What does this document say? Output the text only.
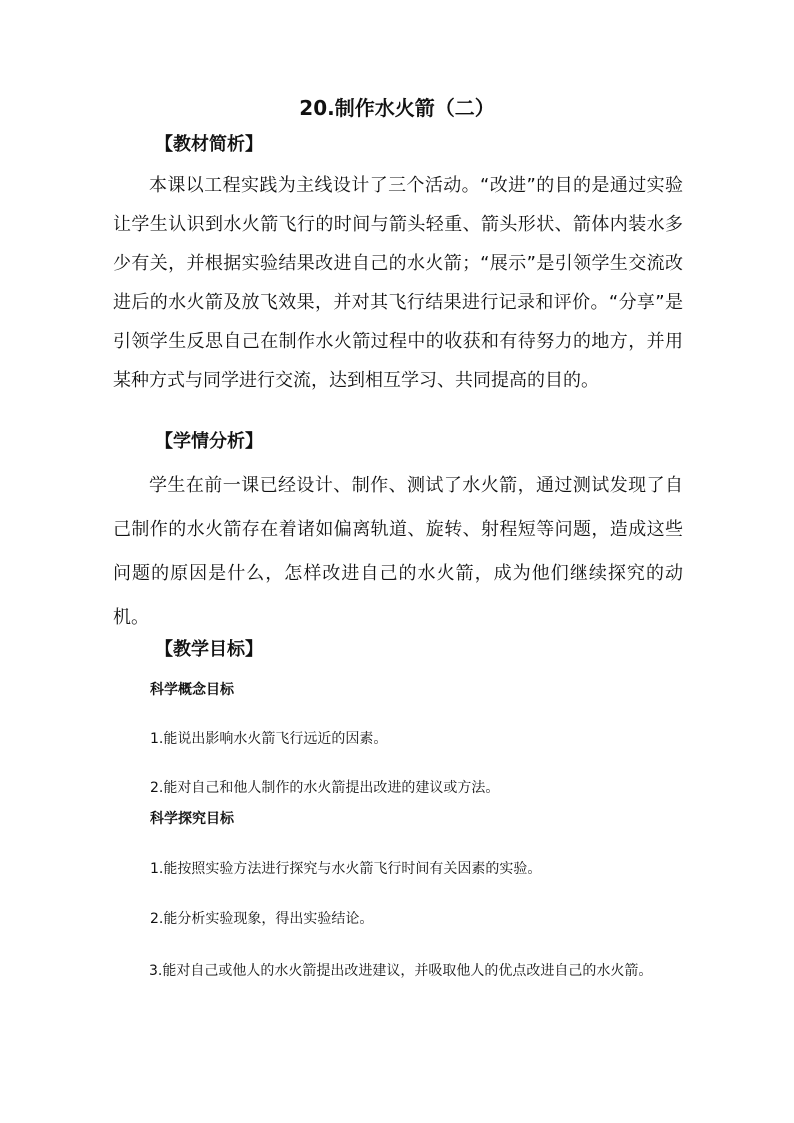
20.制作水火箭（二）
【教材简析】

本课以工程实践为主线设计了三个活动。“改进”的目的是通过实验让学生认识到水火箭飞行的时间与箭头轻重、箭头形状、箭体内装水多少有关，并根据实验结果改进自己的水火箭；“展示”是引领学生交流改进后的水火箭及放飞效果，并对其飞行结果进行记录和评价。“分享”是引领学生反思自己在制作水火箭过程中的收获和有待努力的地方，并用某种方式与同学进行交流，达到相互学习、共同提高的目的。

【学情分析】

学生在前一课已经设计、制作、测试了水火箭，通过测试发现了自己制作的水火箭存在着诸如偏离轨道、旋转、射程短等问题，造成这些问题的原因是什么，怎样改进自己的水火箭，成为他们继续探究的动机。

【教学目标】
科学概念目标

1.能说出影响水火箭飞行远近的因素。

2.能对自己和他人制作的水火箭提出改进的建议或方法。

科学探究目标

1.能按照实验方法进行探究与水火箭飞行时间有关因素的实验。

2.能分析实验现象，得出实验结论。

3.能对自己或他人的水火箭提出改进建议，并吸取他人的优点改进自己的水火箭。
